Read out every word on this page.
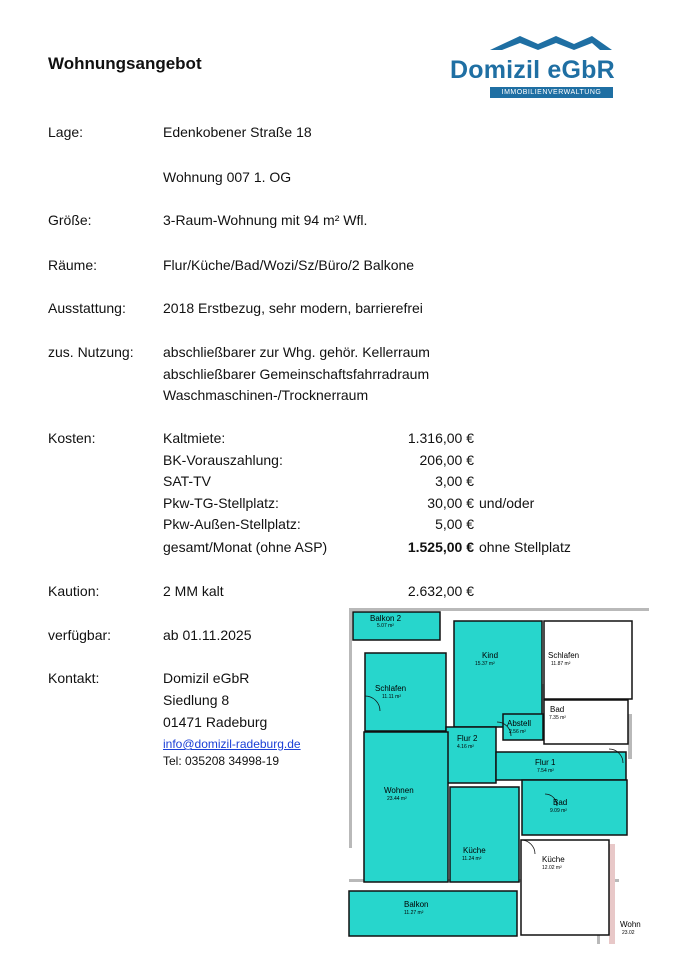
Wohnungsangebot	Domizil eGbR
IMMOBILIENVERWALTUNG
Lage:	Edenkobener Straße 18
Wohnung 007 1. OG
Größe:	3-Raum-Wohnung mit 94 m² Wfl.
Räume:	Flur/Küche/Bad/Wozi/Sz/Büro/2 Balkone
Ausstattung:	2018 Erstbezug, sehr modern, barrierefrei
zus. Nutzung: abschließbarer zur Whg. gehör. Kellerraum
abschließbarer Gemeinschaftsfahrradraum
Waschmaschinen-/Trocknerraum
Kosten:	Kaltmiete:	1.316,00 €
BK-Vorauszahlung:	206,00 €
SAT-TV	3,00 €
Pkw-TG-Stellplatz:	30,00 € und/oder
Pkw-Außen-Stellplatz:	5,00 €
gesamt/Monat (ohne ASP)	1.525,00 € ohne Stellplatz
Kaution:	2 MM kalt	2.632,00 €
verfügbar:	ab 01.11.2025
Kontakt:	Domizil eGbR
Siedlung 8
01471 Radeburg
info@domizil-radeburg.de
Tel: 035208 34998-19
Balkon 2
5.07 m²
Kind
15.37 m²
Schlafen
11.87 m²
Schlafen
11.11 m²
Bad
7.35 m²
Abstell
2.56 m²
Flur 2
4.16 m²
Flur 1
7.54 m²
Wohnen
23.44 m²	Bad
9.09 m²
Küche
11.24 m²	Küche
12.02 m²
Balkon
11.27 m²
Wohn
23.02
